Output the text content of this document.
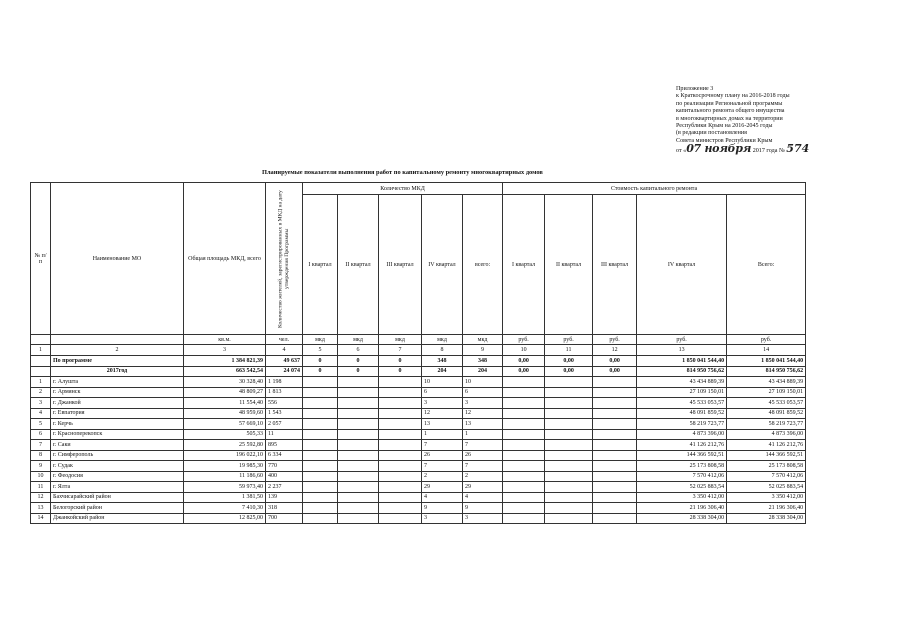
Приложение 3
к Краткосрочному плану на 2016-2018 годы
по реализации Региональной программы
капитального ремонта общего имущества
в многоквартирных домах на территории
Республики Крым на 2016-2045 годы
(в редакции постановления
Совета министров Республики Крым
от «07 ноября 2017 года № 574
Планируемые показатели выполнения работ по капитальному ремонту многоквартирных домов
№ п/п	Наименование МО	Общая площадь МКД, всего	Количество жителей, зарегистрированных в МКД на дату утверждения Программы	Количество МКД					Стоимость капитального ремонта				
				I квартал	II квартал	III квартал	IV квартал	всего:	I квартал	II квартал	III квартал	IV квартал	Всего:
		кв.м.	чел.	мкд	мкд	мкд	мкд	мкд	руб.	руб.	руб.	руб.	руб.
1	2	3	4	5	6	7	8	9	10	11	12	13	14
	По программе	1 384 821,39	49 637	0	0	0	348	348	0,00	0,00	0,00	1 850 041 544,40	1 850 041 544,40
	2017год	663 542,54	24 074	0	0	0	204	204	0,00	0,00	0,00	814 950 756,62	814 950 756,62
1	г. Алушта	30 328,40	1 198				10	10				43 434 889,39	43 434 889,39
2	г. Армянск	48 809,27	1 813				6	6				27 109 150,01	27 109 150,01
3	г. Джанкой	11 554,40	556				3	3				45 533 053,57	45 533 053,57
4	г. Евпатория	48 959,60	1 543				12	12				48 091 859,52	48 091 859,52
5	г. Керчь	57 669,10	2 057				13	13				58 219 723,77	58 219 723,77
6	г. Красноперекопск	505,33	11				1	1				4 873 396,00	4 873 396,00
7	г. Саки	25 592,80	895				7	7				41 126 212,76	41 126 212,76
8	г. Симферополь	196 022,10	6 334				26	26				144 366 592,51	144 366 592,51
9	г. Судак	19 985,30	770				7	7				25 173 808,58	25 173 808,58
10	г. Феодосия	11 186,60	400				2	2				7 570 412,06	7 570 412,06
11	г. Ялта	59 973,40	2 237				29	29				52 025 883,54	52 025 883,54
12	Бахчисарайский район	1 381,50	139				4	4				3 350 412,00	3 350 412,00
13	Белогорский район	7 410,30	318				9	9				21 196 306,40	21 196 306,40
14	Джанкойский район	12 825,00	700				3	3				28 338 304,00	28 338 304,00
